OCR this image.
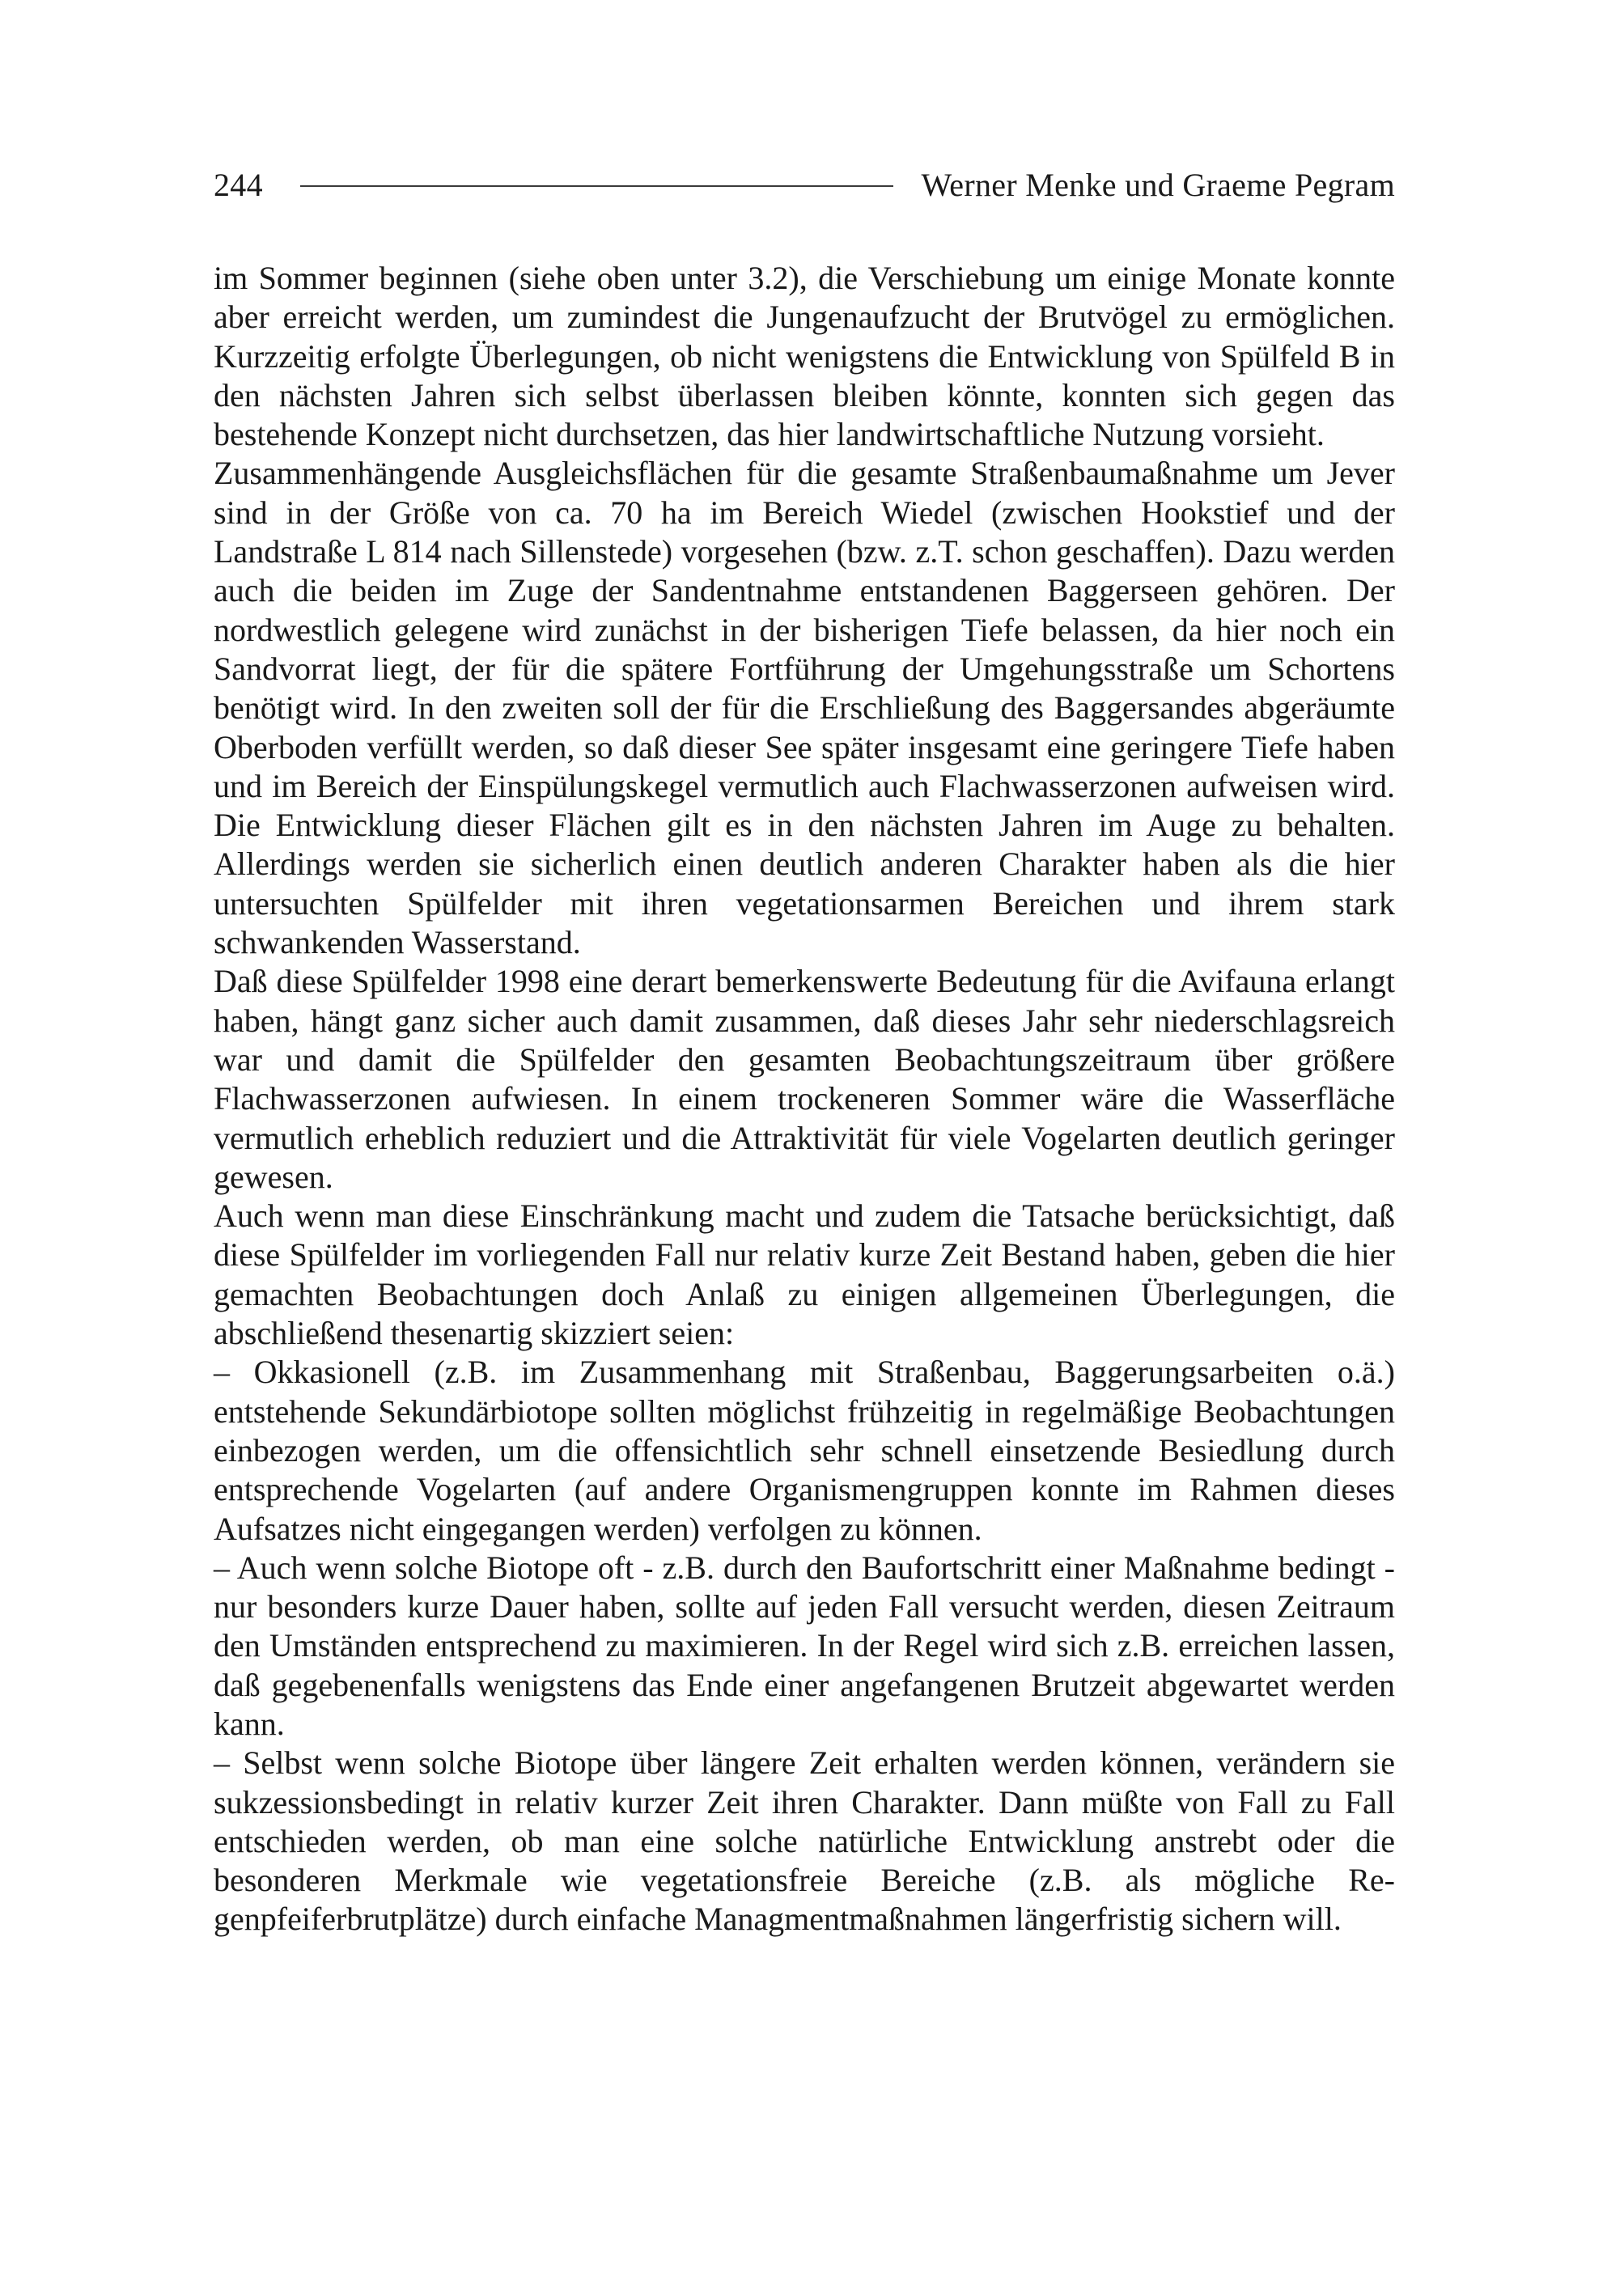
244	Werner Menke und Graeme Pegram

im Sommer beginnen (siehe oben unter 3.2), die Verschiebung um einige Monate konnte aber erreicht werden, um zumindest die Jungenaufzucht der Brutvögel zu ermöglichen. Kurzzeitig erfolgte Überlegungen, ob nicht wenigstens die Entwicklung von Spülfeld B in den nächsten Jahren sich selbst überlassen bleiben könnte, konnten sich gegen das bestehende Konzept nicht durchsetzen, das hier landwirtschaftliche Nutzung vorsieht.

Zusammenhängende Ausgleichsflächen für die gesamte Straßenbaumaßnahme um Jever sind in der Größe von ca. 70 ha im Bereich Wiedel (zwischen Hookstief und der Landstraße L 814 nach Sillenstede) vorgesehen (bzw. z.T. schon geschaffen). Dazu werden auch die beiden im Zuge der Sandentnahme entstandenen Baggerseen gehören. Der nordwestlich gelegene wird zunächst in der bisherigen Tiefe belassen, da hier noch ein Sandvorrat liegt, der für die spätere Fortführung der Umgehungsstraße um Schortens benötigt wird. In den zweiten soll der für die Erschließung des Baggersandes abgeräumte Oberboden verfüllt werden, so daß dieser See später insgesamt eine geringere Tiefe haben und im Bereich der Einspülungskegel vermutlich auch Flachwasserzonen aufweisen wird. Die Entwicklung dieser Flächen gilt es in den nächsten Jahren im Auge zu behalten. Allerdings werden sie sicherlich einen deutlich anderen Charakter haben als die hier untersuchten Spülfelder mit ihren vegetationsarmen Bereichen und ihrem stark schwankenden Wasserstand.

Daß diese Spülfelder 1998 eine derart bemerkenswerte Bedeutung für die Avifauna erlangt haben, hängt ganz sicher auch damit zusammen, daß dieses Jahr sehr niederschlagsreich war und damit die Spülfelder den gesamten Beobachtungszeitraum über größere Flachwasserzonen aufwiesen. In einem trockeneren Sommer wäre die Wasserfläche vermutlich erheblich reduziert und die Attraktivität für viele Vogelarten deutlich geringer gewesen.

Auch wenn man diese Einschränkung macht und zudem die Tatsache berücksichtigt, daß diese Spülfelder im vorliegenden Fall nur relativ kurze Zeit Bestand haben, geben die hier gemachten Beobachtungen doch Anlaß zu einigen allgemeinen Überlegungen, die abschließend thesenartig skizziert seien:

– Okkasionell (z.B. im Zusammenhang mit Straßenbau, Baggerungsarbeiten o.ä.) entstehende Sekundärbiotope sollten möglichst frühzeitig in regelmäßige Beobachtungen einbezogen werden, um die offensichtlich sehr schnell einsetzende Besiedlung durch entsprechende Vogelarten (auf andere Organismengruppen konnte im Rahmen dieses Aufsatzes nicht eingegangen werden) verfolgen zu können.

– Auch wenn solche Biotope oft - z.B. durch den Baufortschritt einer Maßnahme bedingt - nur besonders kurze Dauer haben, sollte auf jeden Fall versucht werden, diesen Zeitraum den Umständen entsprechend zu maximieren. In der Regel wird sich z.B. erreichen lassen, daß gegebenenfalls wenigstens das Ende einer angefangenen Brutzeit abgewartet werden kann.

– Selbst wenn solche Biotope über längere Zeit erhalten werden können, verändern sie sukzessionsbedingt in relativ kurzer Zeit ihren Charakter. Dann müßte von Fall zu Fall entschieden werden, ob man eine solche natürliche Entwicklung anstrebt oder die besonderen Merkmale wie vegetationsfreie Bereiche (z.B. als mögliche Regenpfeiferbrutplätze) durch einfache Managmentmaßnahmen längerfristig sichern will.
